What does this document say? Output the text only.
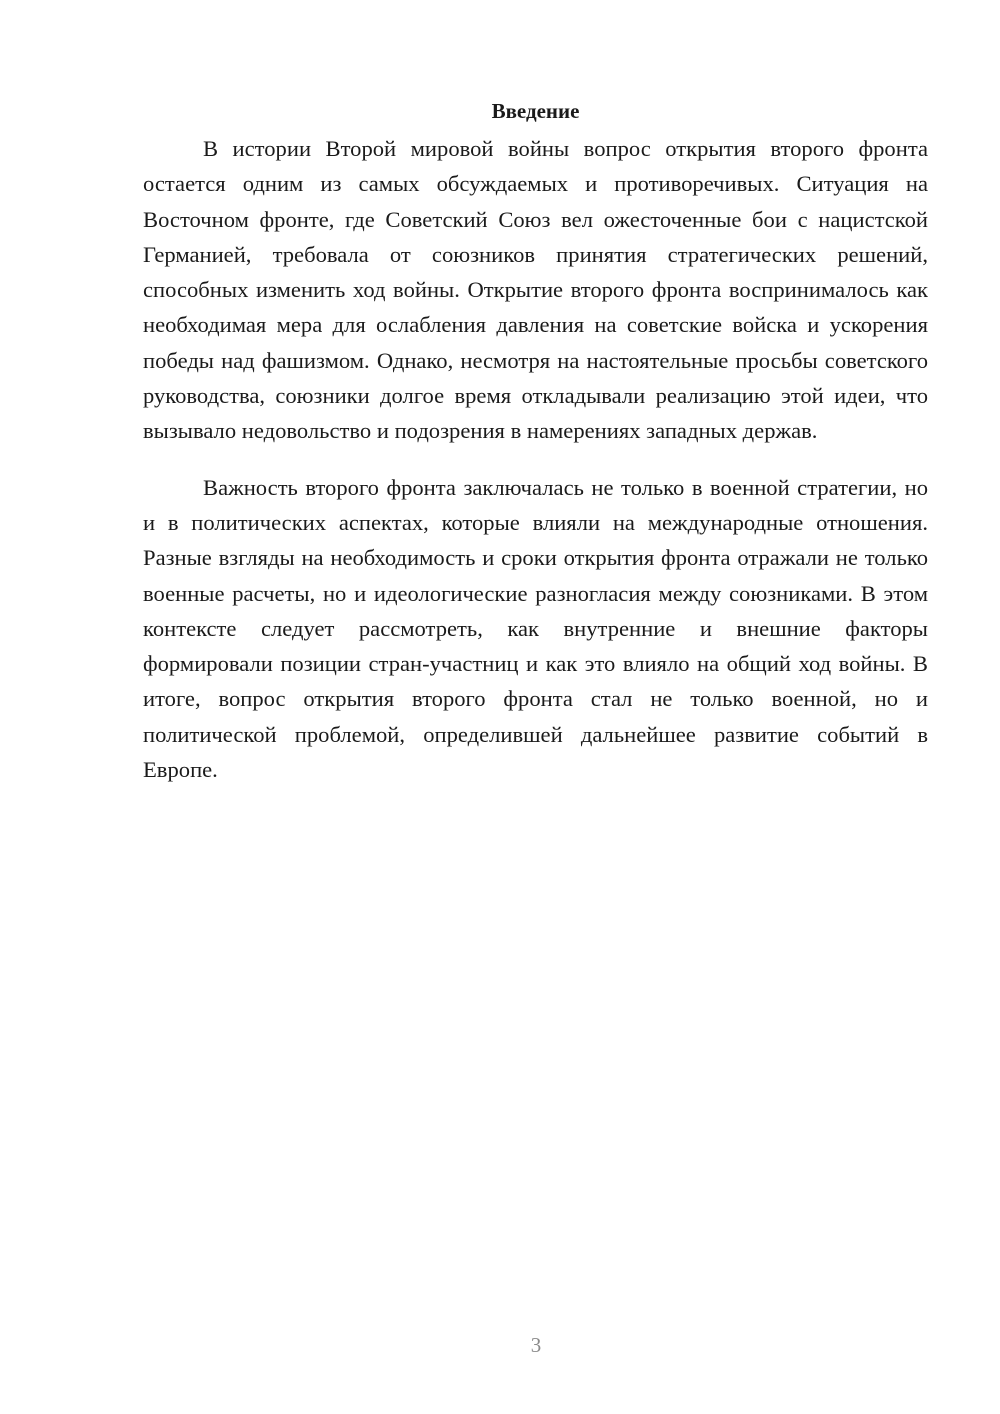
Введение

В истории Второй мировой войны вопрос открытия второго фронта остается одним из самых обсуждаемых и противоречивых. Ситуация на Восточном фронте, где Советский Союз вел ожесточенные бои с нацистской Германией, требовала от союзников принятия стратегических решений, способных изменить ход войны. Открытие второго фронта воспринималось как необходимая мера для ослабления давления на советские войска и ускорения победы над фашизмом. Однако, несмотря на настоятельные просьбы советского руководства, союзники долгое время откладывали реализацию этой идеи, что вызывало недовольство и подозрения в намерениях западных держав.

Важность второго фронта заключалась не только в военной стратегии, но и в политических аспектах, которые влияли на международные отношения. Разные взгляды на необходимость и сроки открытия фронта отражали не только военные расчеты, но и идеологические разногласия между союзниками. В этом контексте следует рассмотреть, как внутренние и внешние факторы формировали позиции стран-участниц и как это влияло на общий ход войны. В итоге, вопрос открытия второго фронта стал не только военной, но и политической проблемой, определившей дальнейшее развитие событий в Европе.

3
